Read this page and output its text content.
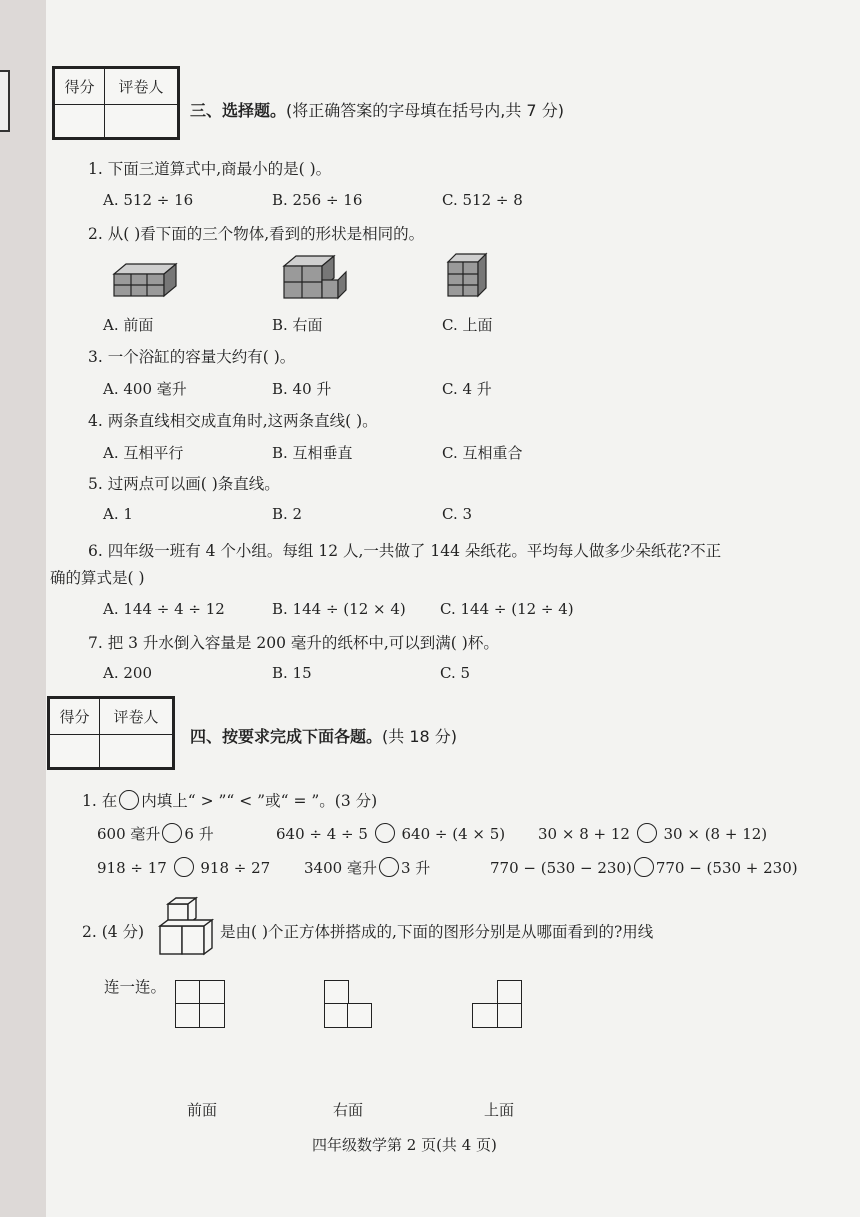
得分	评卷人

三、选择题。(将正确答案的字母填在括号内,共 7 分)
1. 下面三道算式中,商最小的是( )。
A. 512 ÷ 16	B. 256 ÷ 16	C. 512 ÷ 8
2. 从( )看下面的三个物体,看到的形状是相同的。
A. 前面	B. 右面	C. 上面
3. 一个浴缸的容量大约有( )。
A. 400 毫升	B. 40 升	C. 4 升
4. 两条直线相交成直角时,这两条直线( )。
A. 互相平行	B. 互相垂直	C. 互相重合
5. 过两点可以画( )条直线。
A. 1	B. 2	C. 3
6. 四年级一班有 4 个小组。每组 12 人,一共做了 144 朵纸花。平均每人做多少朵纸花?不正
确的算式是( )
A. 144 ÷ 4 ÷ 12	B. 144 ÷ (12 × 4) C. 144 ÷ (12 ÷ 4)
7. 把 3 升水倒入容量是 200 毫升的纸杯中,可以到满( )杯。
A. 200	B. 15	C. 5
得分	评卷人

四、按要求完成下面各题。(共 18 分)
1. 在 内填上“ > ”“ < ”或“ = ”。(3 分)
600 毫升 6 升	640 ÷ 4 ÷ 5 640 ÷ (4 × 5) 30 × 8 + 12 30 × (8 + 12)
918 ÷ 17 918 ÷ 27 3400 毫升 3 升	770 − (530 − 230) 770 − (530 + 230)
2. (4 分)	是由( )个正方体拼搭成的,下面的图形分别是从哪面看到的?用线
连一连。
前面	右面	上面
四年级数学第 2 页(共 4 页)
